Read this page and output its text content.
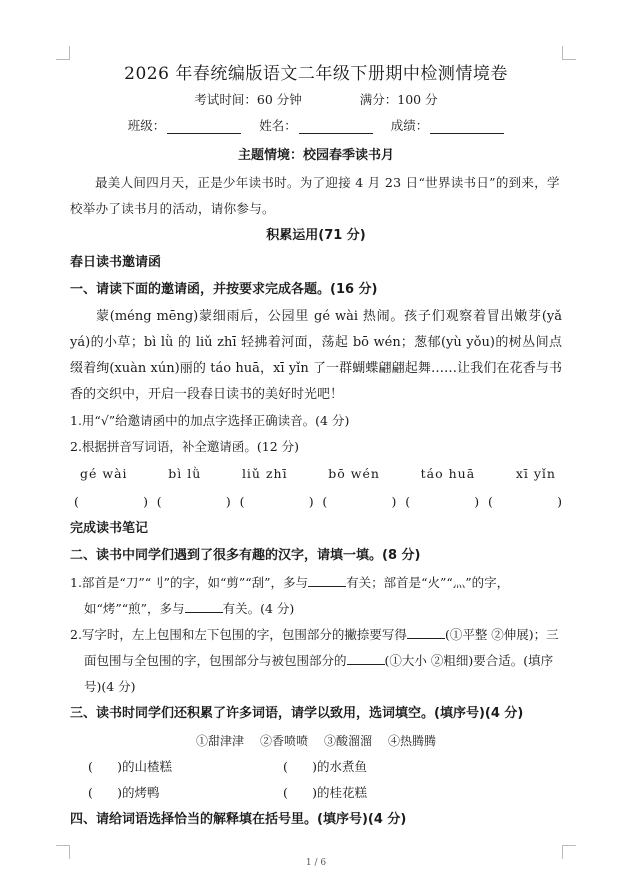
2026 年春统编版语文二年级下册期中检测情境卷
考试时间：60 分钟	满分：100 分
班级：	姓名：	成绩：
主题情境：校园春季读书月
最美人间四月天，正是少年读书时。为了迎接 4 月 23 日“世界读书日”的到来，学校举办了读书月的活动，请你参与。
积累运用(71 分)
春日读书邀请函
一、请读下面的邀请函，并按要求完成各题。(16 分)
蒙(méng mēng)蒙细雨后，公园里 gé wài 热闹。孩子们观察着冒出嫩芽(yǎ yá)的小草；bì lǜ 的 liǔ zhī 轻拂着河面，荡起 bō wén；葱郁(yù yǒu)的树丛间点缀着绚(xuàn xún)丽的 táo huā，xī yǐn 了一群蝴蝶翩翩起舞……让我们在花香与书香的交织中，开启一段春日读书的美好时光吧！
1.用“√”给邀请函中的加点字选择正确读音。(4 分)
2.根据拼音写词语，补全邀请函。(12 分)
gé wài	bì lǜ	liǔ zhī	bō wén	táo huā	xī yǐn
(	) (	) (	) (	) (	) (	)
完成读书笔记
二、读书中同学们遇到了很多有趣的汉字，请填一填。(8 分)
1.部首是“刀”“刂”的字，如“剪”“刮”，多与	有关；部首是“火”“灬”的字，如“烤”“煎”，多与	有关。(4 分)
2.写字时，左上包围和左下包围的字，包围部分的撇捺要写得	(①平整 ②伸展)；三面包围与全包围的字，包围部分与被包围部分的	(①大小 ②粗细)要合适。(填序号)(4 分)
三、读书时同学们还积累了许多词语，请学以致用，选词填空。(填序号)(4 分)
①甜津津 ②香喷喷 ③酸溜溜 ④热腾腾
( ) 的山楂糕	( ) 的水煮鱼
( ) 的烤鸭	( ) 的桂花糕
四、请给词语选择恰当的解释填在括号里。(填序号)(4 分)
1 / 6
